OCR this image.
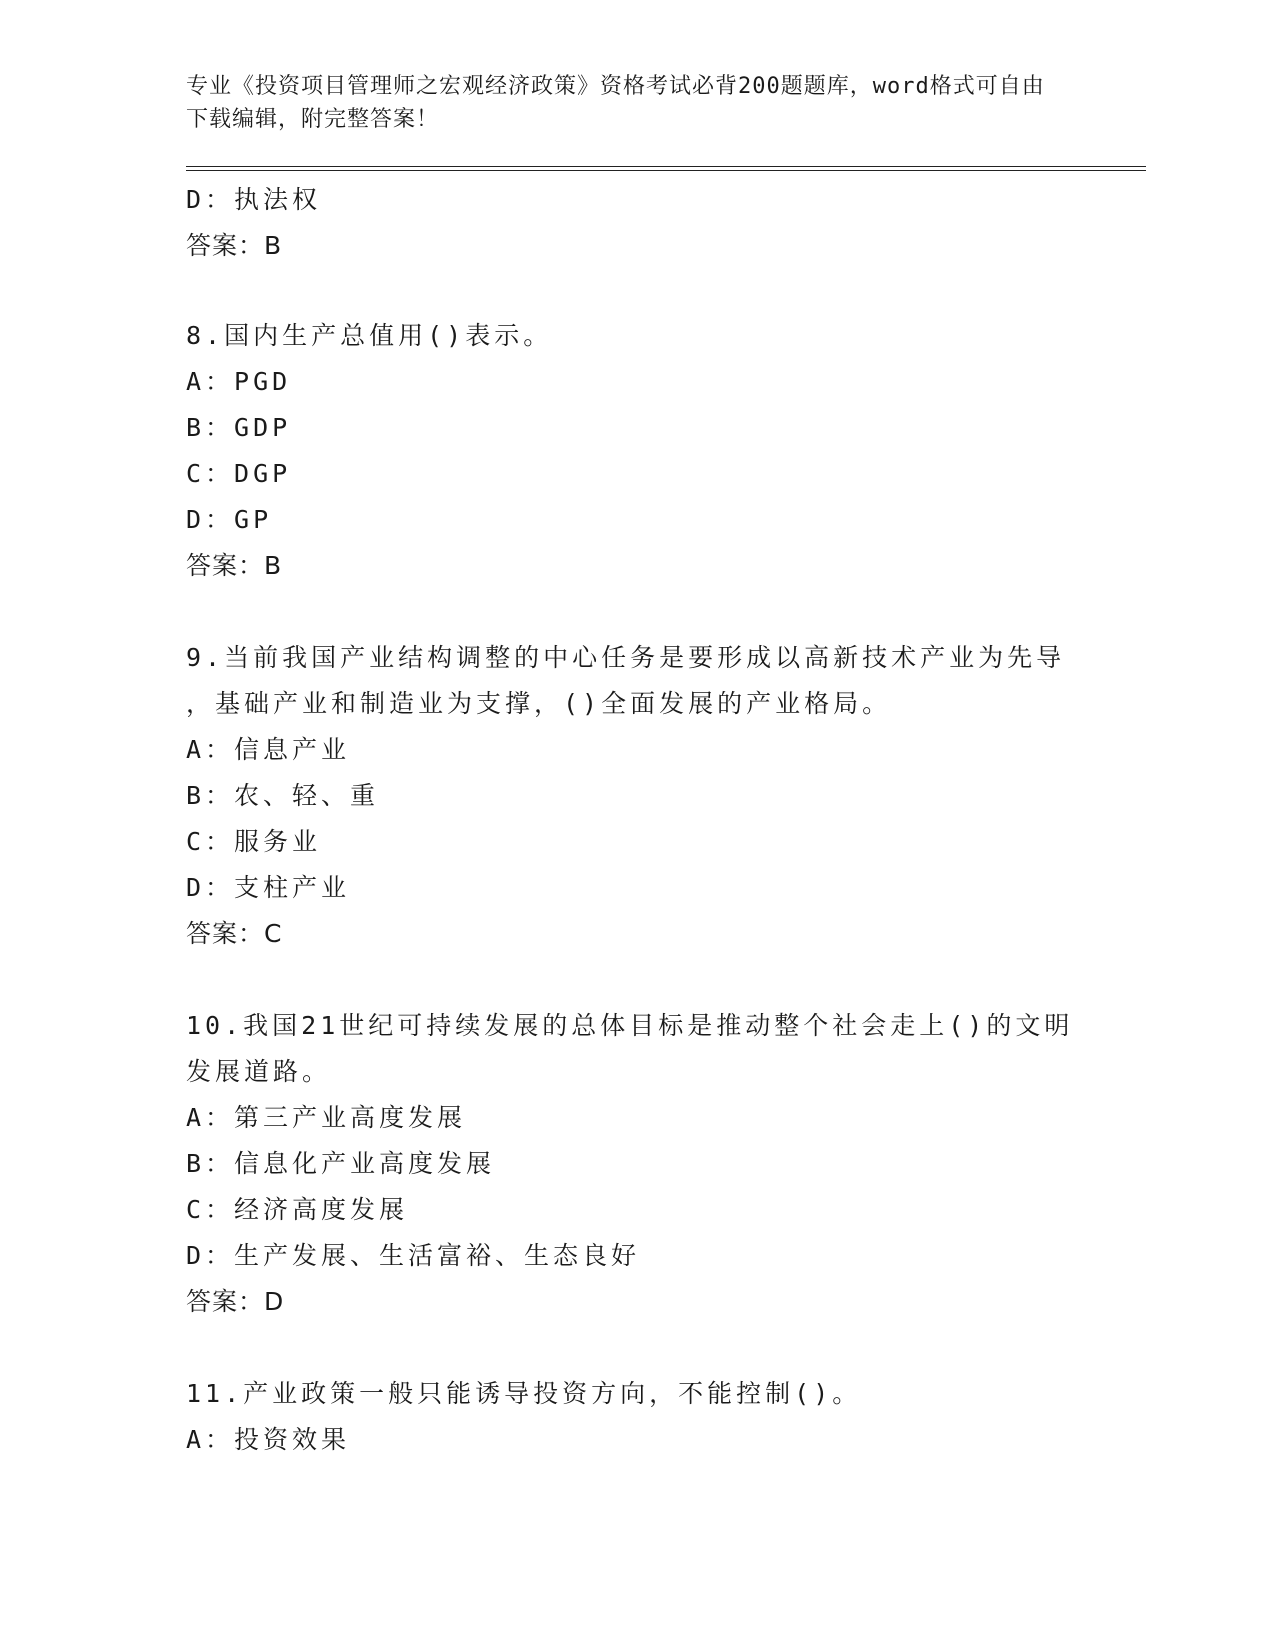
专业《投资项目管理师之宏观经济政策》资格考试必背200题题库，word格式可自由下载编辑，附完整答案！

D：执法权

答案：B

8.国内生产总值用()表示。

A：PGD

B：GDP

C：DGP

D：GP

答案：B

9.当前我国产业结构调整的中心任务是要形成以高新技术产业为先导

，基础产业和制造业为支撑，()全面发展的产业格局。

A：信息产业

B：农、轻、重

C：服务业

D：支柱产业

答案：C

10.我国21世纪可持续发展的总体目标是推动整个社会走上()的文明

发展道路。

A：第三产业高度发展

B：信息化产业高度发展

C：经济高度发展

D：生产发展、生活富裕、生态良好

答案：D

11.产业政策一般只能诱导投资方向，不能控制()。

A：投资效果
